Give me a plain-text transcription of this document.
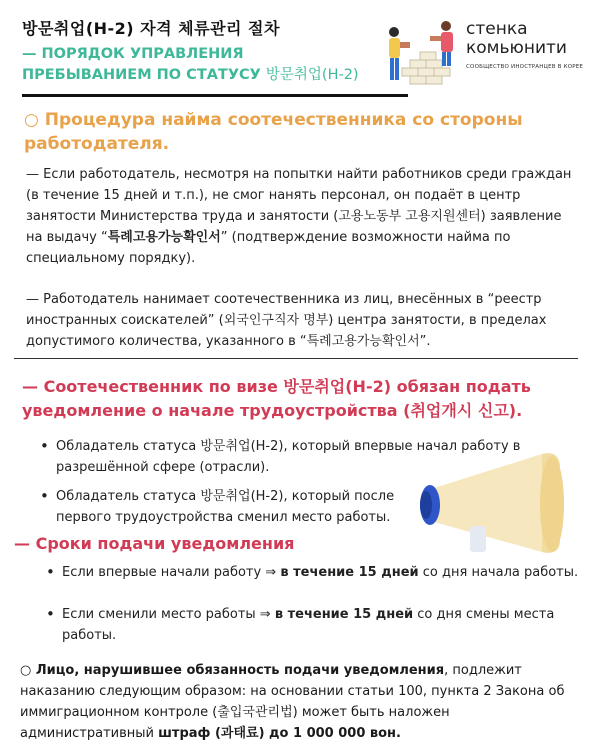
방문취업(H-2) 자격 체류관리 절차
— ПОРЯДОК УПРАВЛЕНИЯ
ПРЕБЫВАНИЕМ ПО СТАТУСУ 방문취업(H-2)
стенка
комьюнити
СООБЩЕСТВО ИНОСТРАНЦЕВ В КОРЕЕ
○ Процедура найма соотечественника со стороны работодателя.
— Если работодатель, несмотря на попытки найти работников среди граждан (в течение 15 дней и т.п.), не смог нанять персонал, он подаёт в центр занятости Министерства труда и занятости (고용노동부 고용지원센터) заявление на выдачу “특례고용가능확인서” (подтверждение возможности найма по специальному порядку).
— Работодатель нанимает соотечественника из лиц, внесённых в “реестр иностранных соискателей” (외국인구직자 명부) центра занятости, в пределах допустимого количества, указанного в “특례고용가능확인서”.
— Соотечественник по визе 방문취업(H-2) обязан подать уведомление о начале трудоустройства (취업개시 신고).
• Обладатель статуса 방문취업(H-2), который впервые начал работу в разрешённой сфере (отрасли).
• Обладатель статуса 방문취업(H-2), который после первого трудоустройства сменил место работы.
— Сроки подачи уведомления
• Если впервые начали работу ⇒ в течение 15 дней со дня начала работы.
• Если сменили место работы ⇒ в течение 15 дней со дня смены места работы.
○ Лицо, нарушившее обязанность подачи уведомления, подлежит наказанию следующим образом: на основании статьи 100, пункта 2 Закона об иммиграционном контроле (출입국관리법) может быть наложен административный штраф (과태료) до 1 000 000 вон.
